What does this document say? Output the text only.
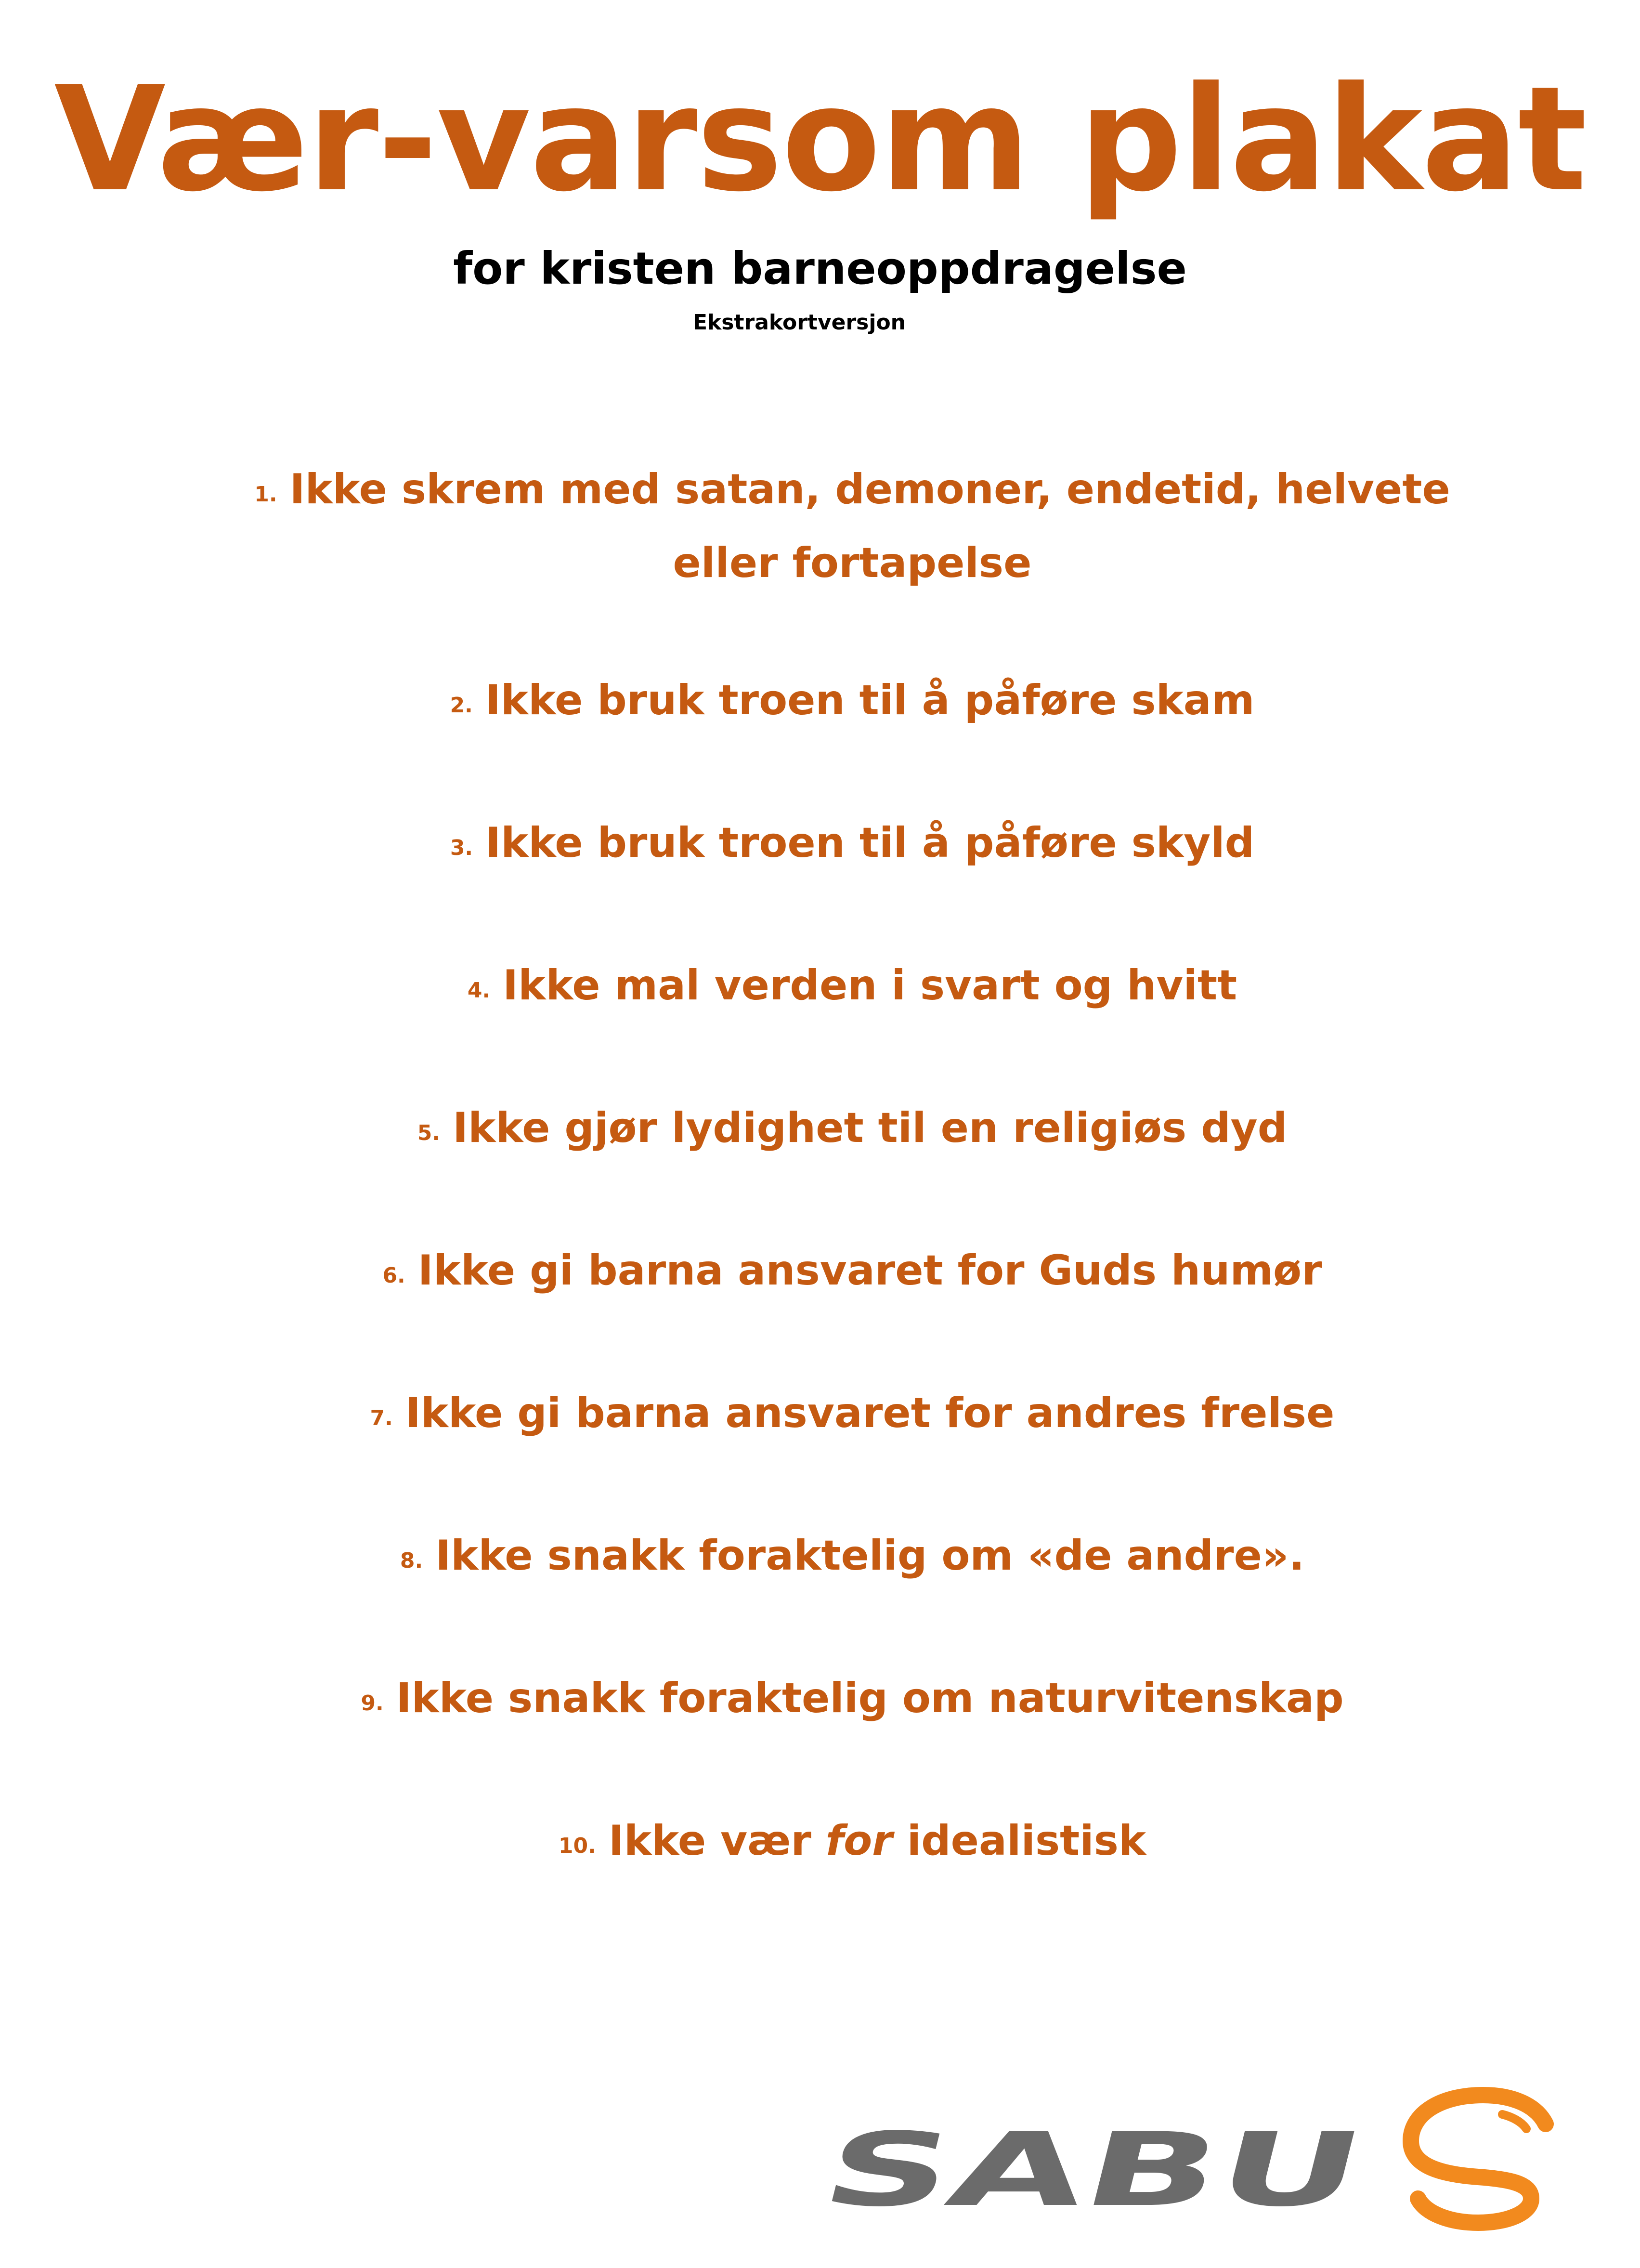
Vær-varsom plakat
for kristen barneoppdragelse
Ekstrakortversjon
1. Ikke skrem med satan, demoner, endetid, helvete eller fortapelse
2. Ikke bruk troen til å påføre skam
3. Ikke bruk troen til å påføre skyld
4. Ikke mal verden i svart og hvitt
5. Ikke gjør lydighet til en religiøs dyd
6. Ikke gi barna ansvaret for Guds humør
7. Ikke gi barna ansvaret for andres frelse
8. Ikke snakk foraktelig om «de andre».
9. Ikke snakk foraktelig om naturvitenskap
10. Ikke vær for idealistisk
SABU
